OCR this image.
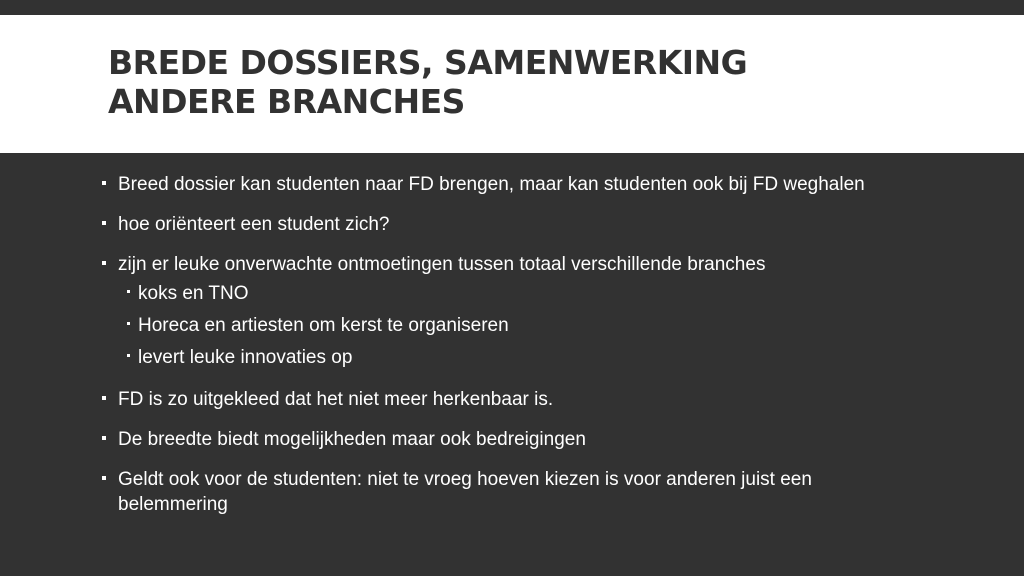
BREDE DOSSIERS, SAMENWERKING
ANDERE BRANCHES
Breed dossier kan studenten naar FD brengen, maar kan studenten ook bij FD weghalen
hoe oriënteert een student zich?
zijn er leuke onverwachte ontmoetingen tussen totaal verschillende branches
koks en TNO
Horeca en artiesten om kerst te organiseren
levert leuke innovaties op
FD is zo uitgekleed dat het niet meer herkenbaar is.
De breedte biedt mogelijkheden maar ook bedreigingen
Geldt ook voor de studenten: niet te vroeg hoeven kiezen is voor anderen juist een belemmering
